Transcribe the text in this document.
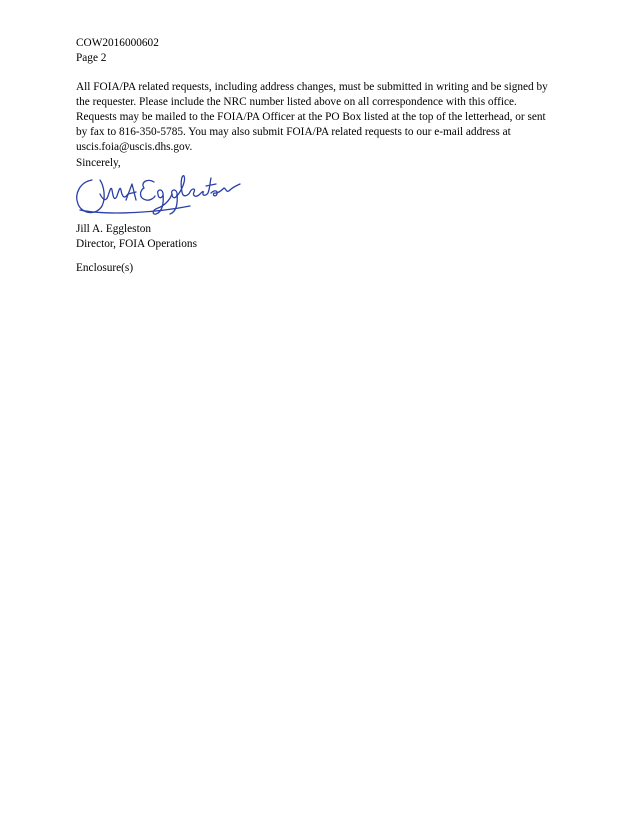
COW2016000602
Page 2
All FOIA/PA related requests, including address changes, must be submitted in writing and be signed by
the requester. Please include the NRC number listed above on all correspondence with this office.
Requests may be mailed to the FOIA/PA Officer at the PO Box listed at the top of the letterhead, or sent
by fax to 816-350-5785. You may also submit FOIA/PA related requests to our e-mail address at
uscis.foia@uscis.dhs.gov.
Sincerely,
Jill A. Eggleston
Director, FOIA Operations
Enclosure(s)
